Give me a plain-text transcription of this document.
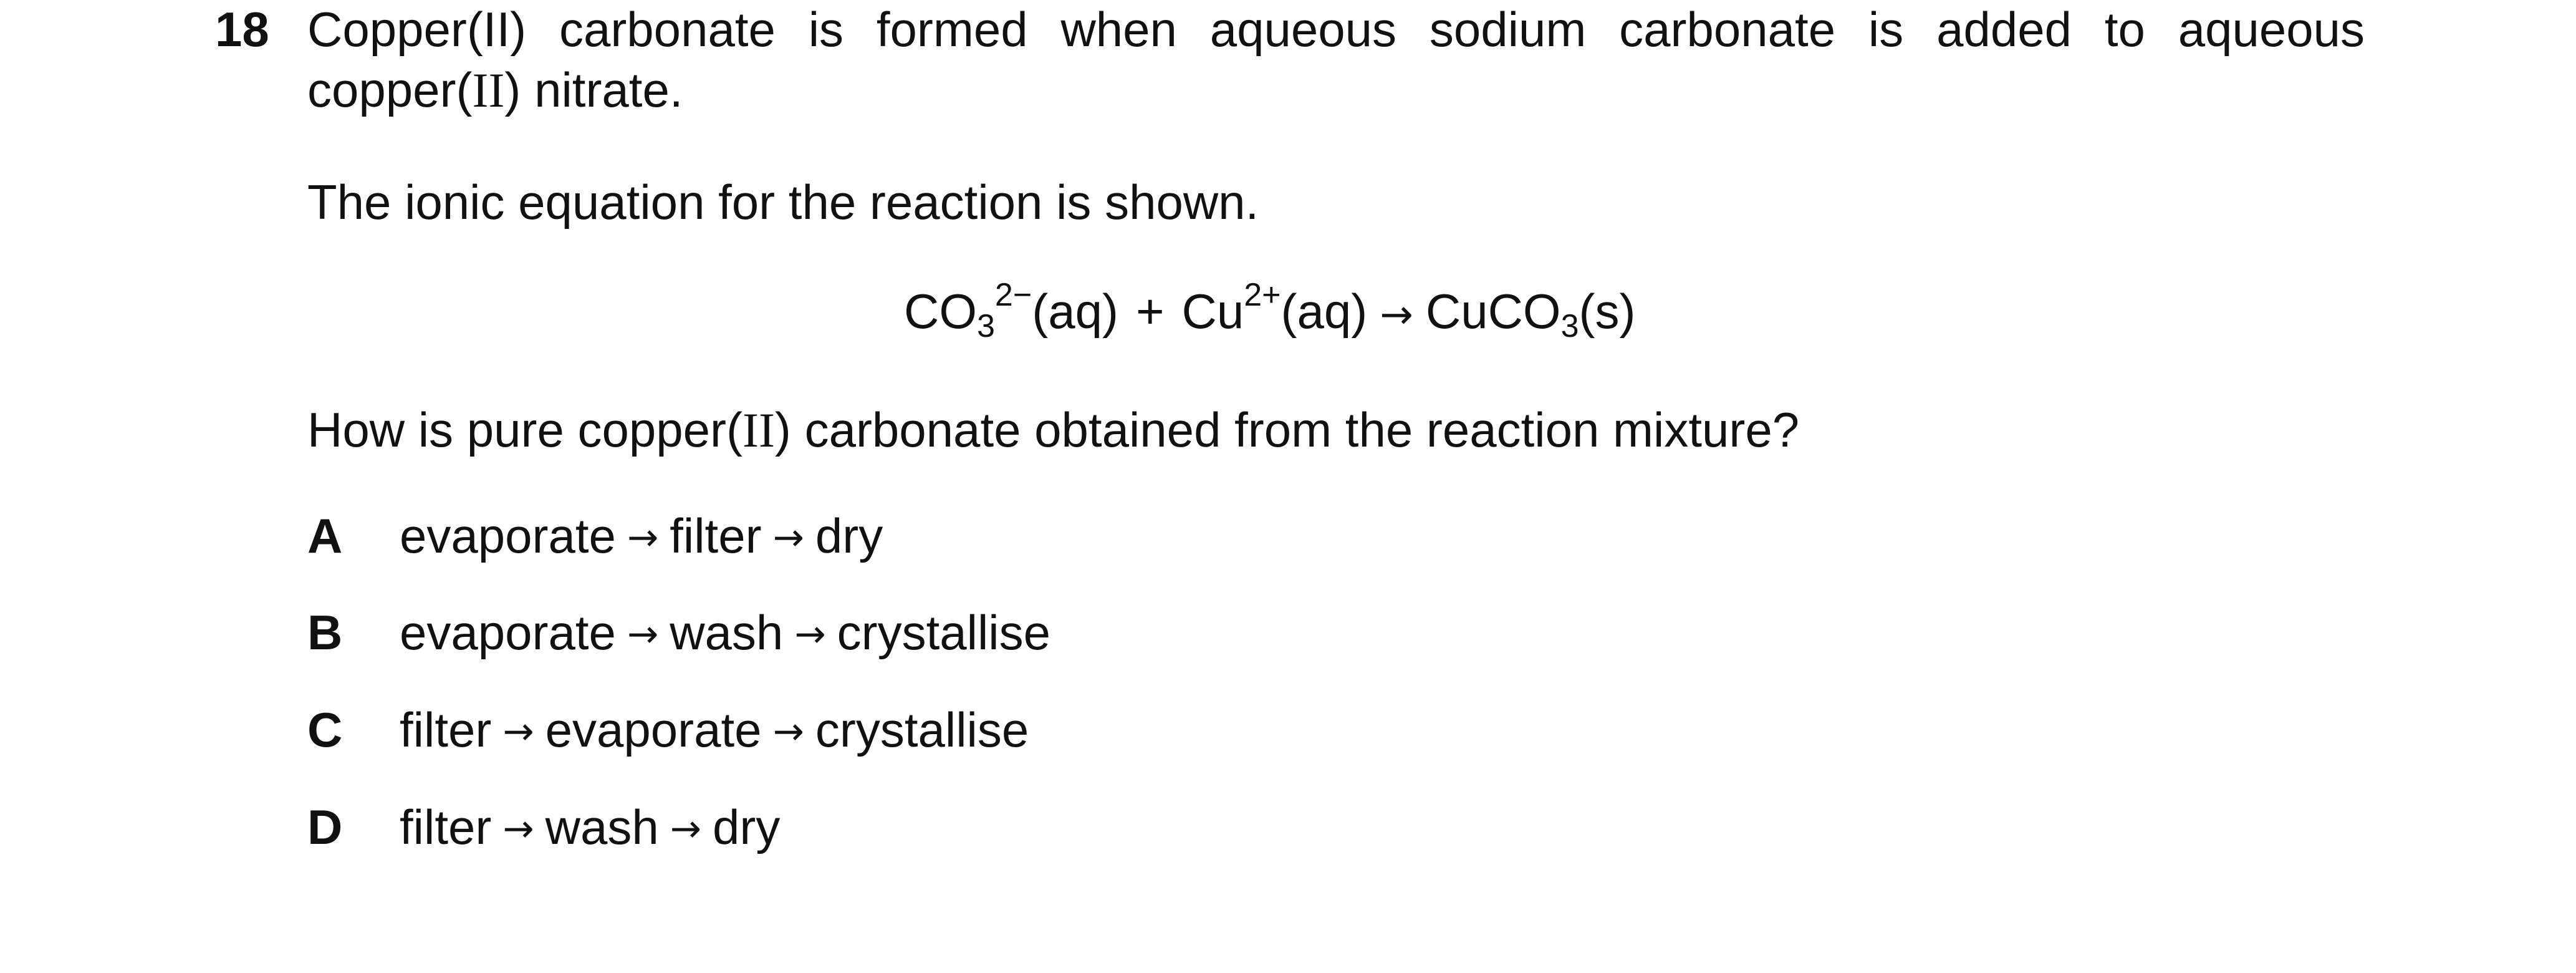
18 Copper(II) carbonate is formed when aqueous sodium carbonate is added to aqueous
copper(II) nitrate.
The ionic equation for the reaction is shown.
$CO3^{2-}(aq) + Cu^{2+}(aq)$ → CuCO3(s)
How is pure copper(II) carbonate obtained from the reaction mixture?
A evaporate → filter → dry
B evaporate → wash → crystallise
C filter → evaporate → crystallise
D filter → wash → dry
